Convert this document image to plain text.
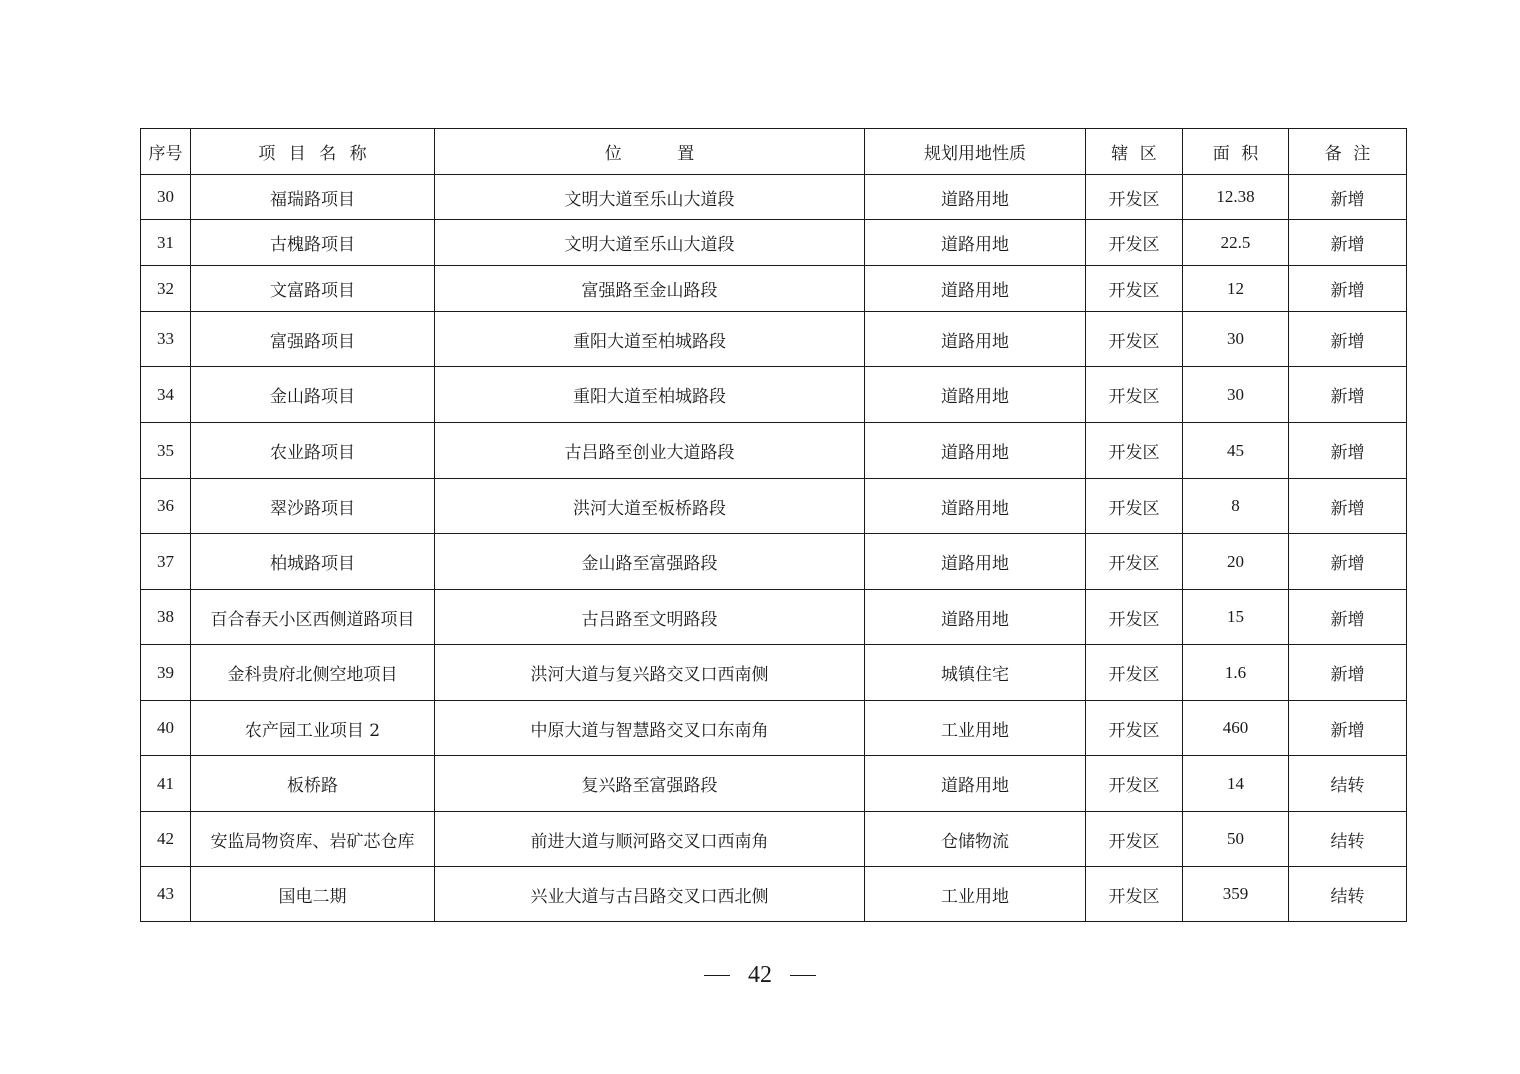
序号	项 目 名 称	位 置	规划用地性质	辖 区	面 积	备 注
30	福瑞路项目	文明大道至乐山大道段	道路用地	开发区	12.38	新增
31	古槐路项目	文明大道至乐山大道段	道路用地	开发区	22.5	新增
32	文富路项目	富强路至金山路段	道路用地	开发区	12	新增
33	富强路项目	重阳大道至柏城路段	道路用地	开发区	30	新增
34	金山路项目	重阳大道至柏城路段	道路用地	开发区	30	新增
35	农业路项目	古吕路至创业大道路段	道路用地	开发区	45	新增
36	翠沙路项目	洪河大道至板桥路段	道路用地	开发区	8	新增
37	柏城路项目	金山路至富强路段	道路用地	开发区	20	新增
38	百合春天小区西侧道路项目	古吕路至文明路段	道路用地	开发区	15	新增
39	金科贵府北侧空地项目	洪河大道与复兴路交叉口西南侧	城镇住宅	开发区	1.6	新增
40	农产园工业项目 2	中原大道与智慧路交叉口东南角	工业用地	开发区	460	新增
41	板桥路	复兴路至富强路段	道路用地	开发区	14	结转
42	安监局物资库、岩矿芯仓库	前进大道与顺河路交叉口西南角	仓储物流	开发区	50	结转
43	国电二期	兴业大道与古吕路交叉口西北侧	工业用地	开发区	359	结转
42
